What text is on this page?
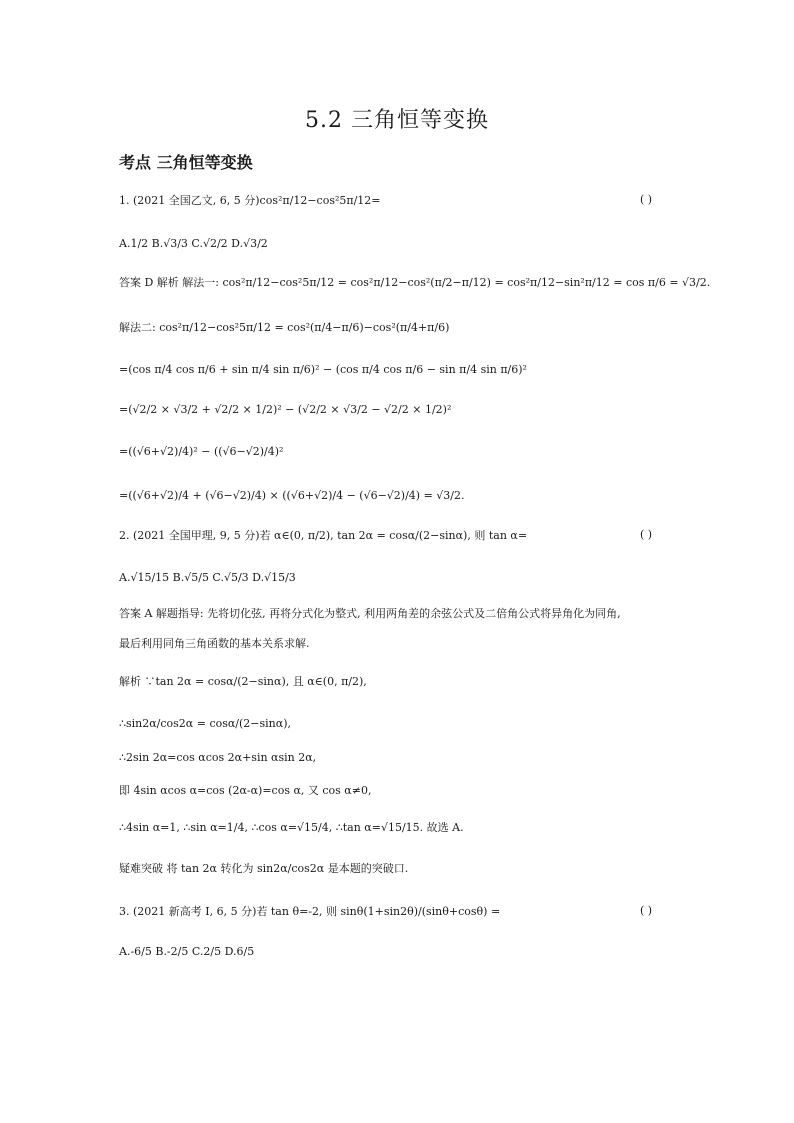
5.2 三角恒等变换
考点 三角恒等变换
1. (2021 全国乙文, 6, 5 分)cos²π/12−cos²5π/12=	( )
A.1/2 B.√3/3 C.√2/2 D.√3/2
答案 D 解析 解法一: cos²π/12−cos²5π/12 = cos²π/12−cos²(π/2−π/12) = cos²π/12−sin²π/12 = cos π/6 = √3/2.
解法二: cos²π/12−cos²5π/12 = cos²(π/4−π/6)−cos²(π/4+π/6)
=(cos π/4 cos π/6 + sin π/4 sin π/6)² − (cos π/4 cos π/6 − sin π/4 sin π/6)²
=(√2/2 × √3/2 + √2/2 × 1/2)² − (√2/2 × √3/2 − √2/2 × 1/2)²
=((√6+√2)/4)² − ((√6−√2)/4)²
=((√6+√2)/4 + (√6−√2)/4) × ((√6+√2)/4 − (√6−√2)/4) = √3/2.
2. (2021 全国甲理, 9, 5 分)若 α∈(0, π/2), tan 2α = cosα/(2−sinα), 则 tan α=	( )
A.√15/15 B.√5/5 C.√5/3 D.√15/3
答案 A 解题指导: 先将切化弦, 再将分式化为整式, 利用两角差的余弦公式及二倍角公式将异角化为同角,
最后利用同角三角函数的基本关系求解.
解析 ∵tan 2α = cosα/(2−sinα), 且 α∈(0, π/2),
∴sin2α/cos2α = cosα/(2−sinα),
∴2sin 2α=cos αcos 2α+sin αsin 2α,
即 4sin αcos α=cos (2α-α)=cos α, 又 cos α≠0,
∴4sin α=1, ∴sin α=1/4, ∴cos α=√15/4, ∴tan α=√15/15. 故选 A.
疑难突破 将 tan 2α 转化为 sin2α/cos2α 是本题的突破口.
3. (2021 新高考 I, 6, 5 分)若 tan θ=-2, 则 sinθ(1+sin2θ)/(sinθ+cosθ) =	( )
A.-6/5 B.-2/5 C.2/5 D.6/5
